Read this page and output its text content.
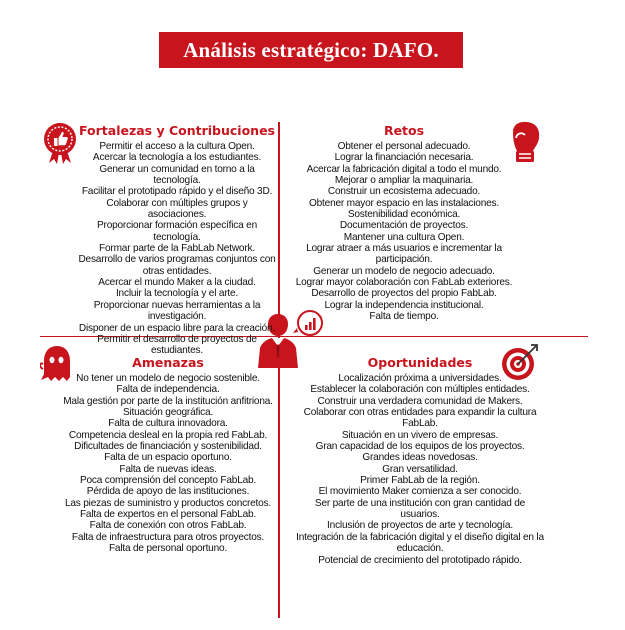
Análisis estratégico: DAFO.
Fortalezas y Contribuciones
Permitir el acceso a la cultura Open.
Acercar la tecnología a los estudiantes.
Generar un comunidad en torno a la tecnología.
Facilitar el prototipado rápido y el diseño 3D.
Colaborar con múltiples grupos y asociaciones.
Proporcionar formación específica en tecnología.
Formar parte de la FabLab Network.
Desarrollo de varios programas conjuntos con otras entidades.
Acercar el mundo Maker a la ciudad.
Incluir la tecnología y el arte.
Proporcionar nuevas herramientas a la investigación.
Disponer de un espacio libre para la creación.
Permitir el desarrollo de proyectos de estudiantes.
Retos
Obtener el personal adecuado.
Lograr la financiación necesaria.
Acercar la fabricación digital a todo el mundo.
Mejorar o ampliar la maquinaria.
Construir un ecosistema adecuado.
Obtener mayor espacio en las instalaciones.
Sostenibilidad económica.
Documentación de proyectos.
Mantener una cultura Open.
Lograr atraer a más usuarios e incrementar la participación.
Generar un modelo de negocio adecuado.
Lograr mayor colaboración con FabLab exteriores.
Desarrollo de proyectos del propio FabLab.
Lograr la independencia institucional.
Falta de tiempo.
Amenazas
No tener un modelo de negocio sostenible.
Falta de independencia.
Mala gestión por parte de la institución anfitriona.
Situación geográfica.
Falta de cultura innovadora.
Competencia desleal en la propia red FabLab.
Dificultades de financiación y sostenibilidad.
Falta de un espacio oportuno.
Falta de nuevas ideas.
Poca comprensión del concepto FabLab.
Pérdida de apoyo de las instituciones.
Las piezas de suministro y productos concretos.
Falta de expertos en el personal FabLab.
Falta de conexión con otros FabLab.
Falta de infraestructura para otros proyectos.
Falta de personal oportuno.
Oportunidades
Localización próxima a universidades.
Establecer la colaboración con múltiples entidades.
Construir una verdadera comunidad de Makers.
Colaborar con otras entidades para expandir la cultura FabLab.
Situación en un vivero de empresas.
Gran capacidad de los equipos de los proyectos.
Grandes ideas novedosas.
Gran versatilidad.
Primer FabLab de la región.
El movimiento Maker comienza a ser conocido.
Ser parte de una institución con gran cantidad de usuarios.
Inclusión de proyectos de arte y tecnología.
Integración de la fabricación digital y el diseño digital en la educación.
Potencial de crecimiento del prototipado rápido.
